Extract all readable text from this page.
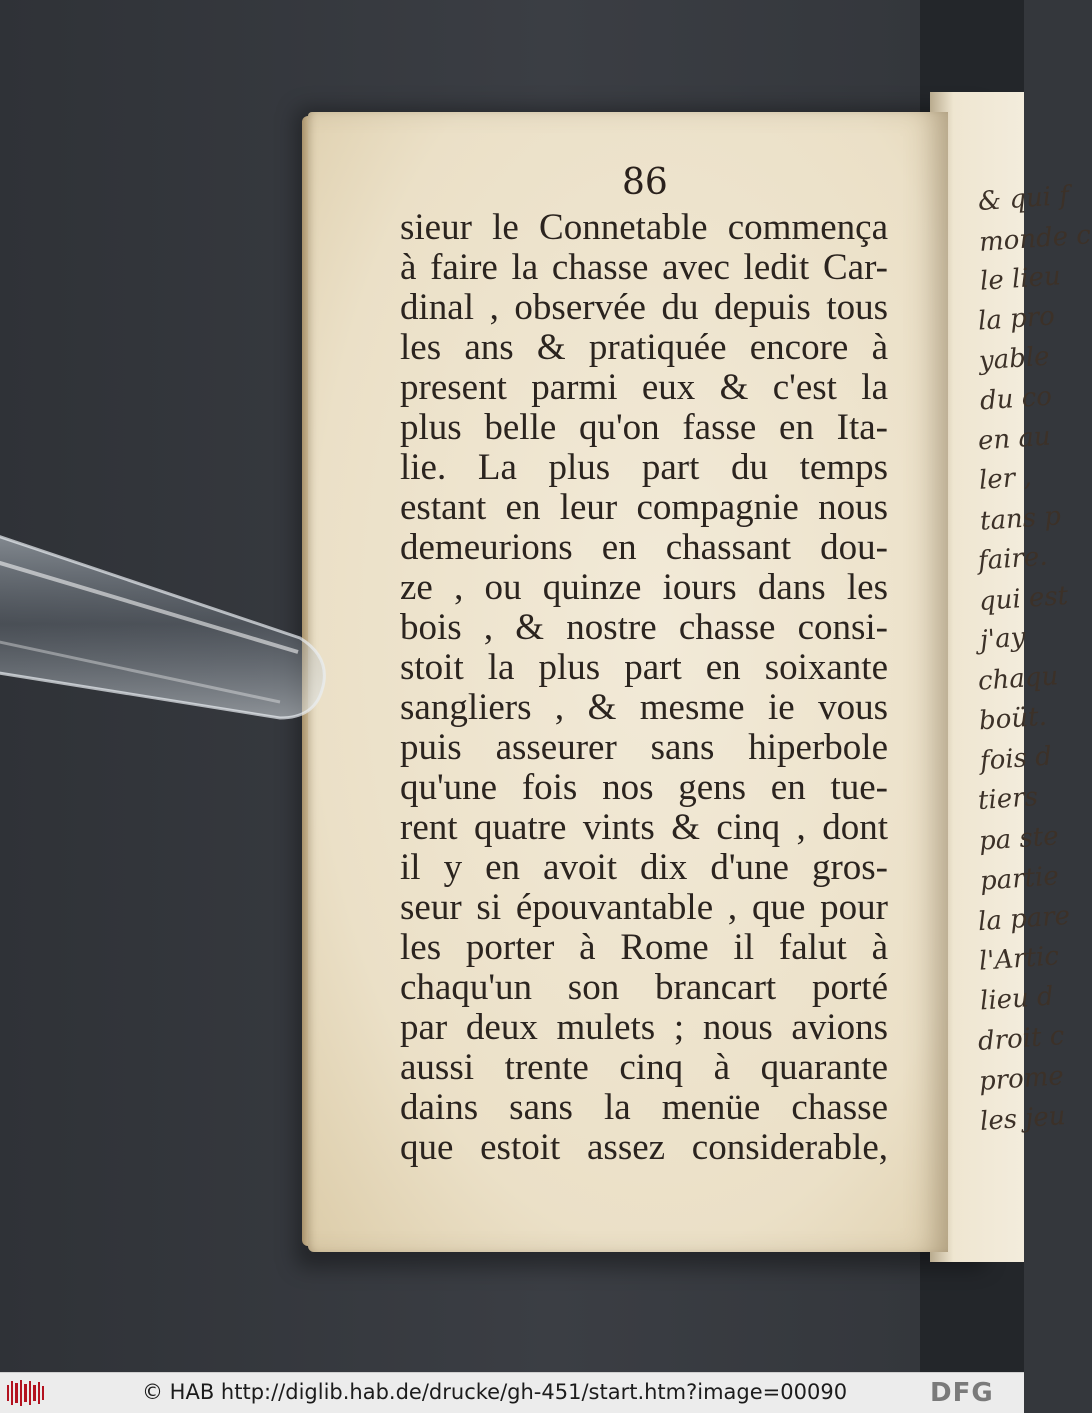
& qui f
monde c
le lieu
la pro
yable
du co
en au
ler ,
tans p
faire.
qui est
j'ay
chaqu
boüt.
fois d
tiers
pa ste
partie
la pare
l'Artic
lieu d
droit c
prome
les jeu
86
sieur le Connetable commença
à faire la chasse avec ledit Car-
dinal , observée du depuis tous
les ans & pratiquée encore à
present parmi eux & c'est la
plus belle qu'on fasse en Ita-
lie. La plus part du temps
estant en leur compagnie nous
demeurions en chassant dou-
ze , ou quinze iours dans les
bois , & nostre chasse consi-
stoit la plus part en soixante
sangliers , & mesme ie vous
puis asseurer sans hiperbole
qu'une fois nos gens en tue-
rent quatre vints & cinq , dont
il y en avoit dix d'une gros-
seur si épouvantable , que pour
les porter à Rome il falut à
chaqu'un son brancart porté
par deux mulets ; nous avions
aussi trente cinq à quarante
dains sans la menüe chasse
que estoit assez considerable,
© HAB http://diglib.hab.de/drucke/gh-451/start.htm?image=00090	DFG
